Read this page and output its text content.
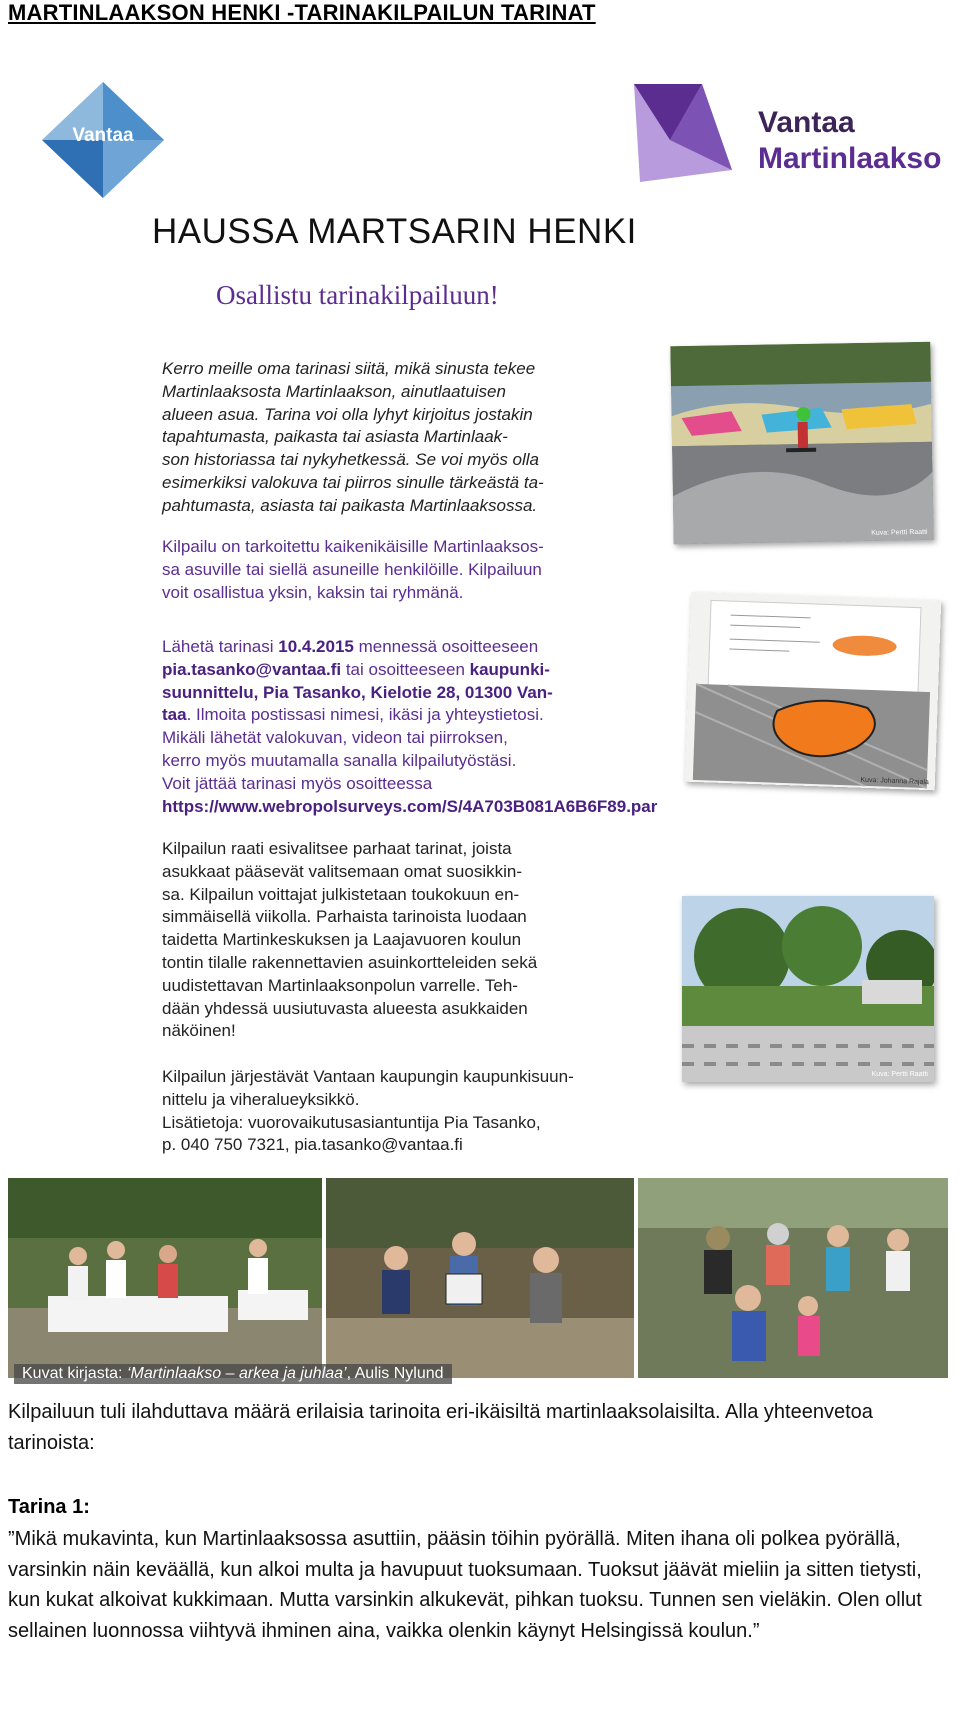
MARTINLAAKSON HENKI -TARINAKILPAILUN TARINAT
Vantaa	Vantaa
Martinlaakso
HAUSSA MARTSARIN HENKI
Osallistu tarinakilpailuun!

Kerro meille oma tarinasi siitä, mikä sinusta tekee
Martinlaaksosta Martinlaakson, ainutlaatuisen
alueen asua. Tarina voi olla lyhyt kirjoitus jostakin
tapahtumasta, paikasta tai asiasta Martinlaak-
son historiassa tai nykyhetkessä. Se voi myös olla
esimerkiksi valokuva tai piirros sinulle tärkeästä ta-
pahtumasta, asiasta tai paikasta Martinlaaksossa.

Kilpailu on tarkoitettu kaikenikäisille Martinlaaksos-
sa asuville tai siellä asuneille henkilöille. Kilpailuun
voit osallistua yksin, kaksin tai ryhmänä.

Lähetä tarinasi 10.4.2015 mennessä osoitteeseen
pia.tasanko@vantaa.fi tai osoitteeseen kaupunki-
suunnittelu, Pia Tasanko, Kielotie 28, 01300 Van-
taa. Ilmoita postissasi nimesi, ikäsi ja yhteystietosi.
Mikäli lähetät valokuvan, videon tai piirroksen,
kerro myös muutamalla sanalla kilpailutyöstäsi.
Voit jättää tarinasi myös osoitteessa
https://www.webropolsurveys.com/S/4A703B081A6B6F89.par

Kilpailun raati esivalitsee parhaat tarinat, joista
asukkaat pääsevät valitsemaan omat suosikkin-
sa. Kilpailun voittajat julkistetaan toukokuun en-
simmäisellä viikolla. Parhaista tarinoista luodaan
taidetta Martinkeskuksen ja Laajavuoren koulun
tontin tilalle rakennettavien asuinkortteleiden sekä
uudistettavan Martinlaaksonpolun varrelle. Teh-
dään yhdessä uusiutuvasta alueesta asukkaiden
näköinen!

Kilpailun järjestävät Vantaan kaupungin kaupunkisuun-
nittelu ja viheralueyksikkö.
Lisätietoja: vuorovaikutusasiantuntija Pia Tasanko,
p. 040 750 7321, pia.tasanko@vantaa.fi

Kuva: Pertti Raatti
Kuva: Johanna Rajala
Kuva: Pertti Raatti
Kuvat kirjasta: ‘Martinlaakso – arkea ja juhlaa’, Aulis Nylund

Kilpailuun tuli ilahduttava määrä erilaisia tarinoita eri-ikäisiltä martinlaaksolaisilta. Alla yhteenvetoa tarinoista:

Tarina 1:

”Mikä mukavinta, kun Martinlaaksossa asuttiin, pääsin töihin pyörällä. Miten ihana oli polkea pyörällä, varsinkin näin keväällä, kun alkoi multa ja havupuut tuoksumaan. Tuoksut jäävät mieliin ja sitten tietysti, kun kukat alkoivat kukkimaan. Mutta varsinkin alkukevät, pihkan tuoksu. Tunnen sen vieläkin. Olen ollut sellainen luonnossa viihtyvä ihminen aina, vaikka olenkin käynyt Helsingissä koulun.”
